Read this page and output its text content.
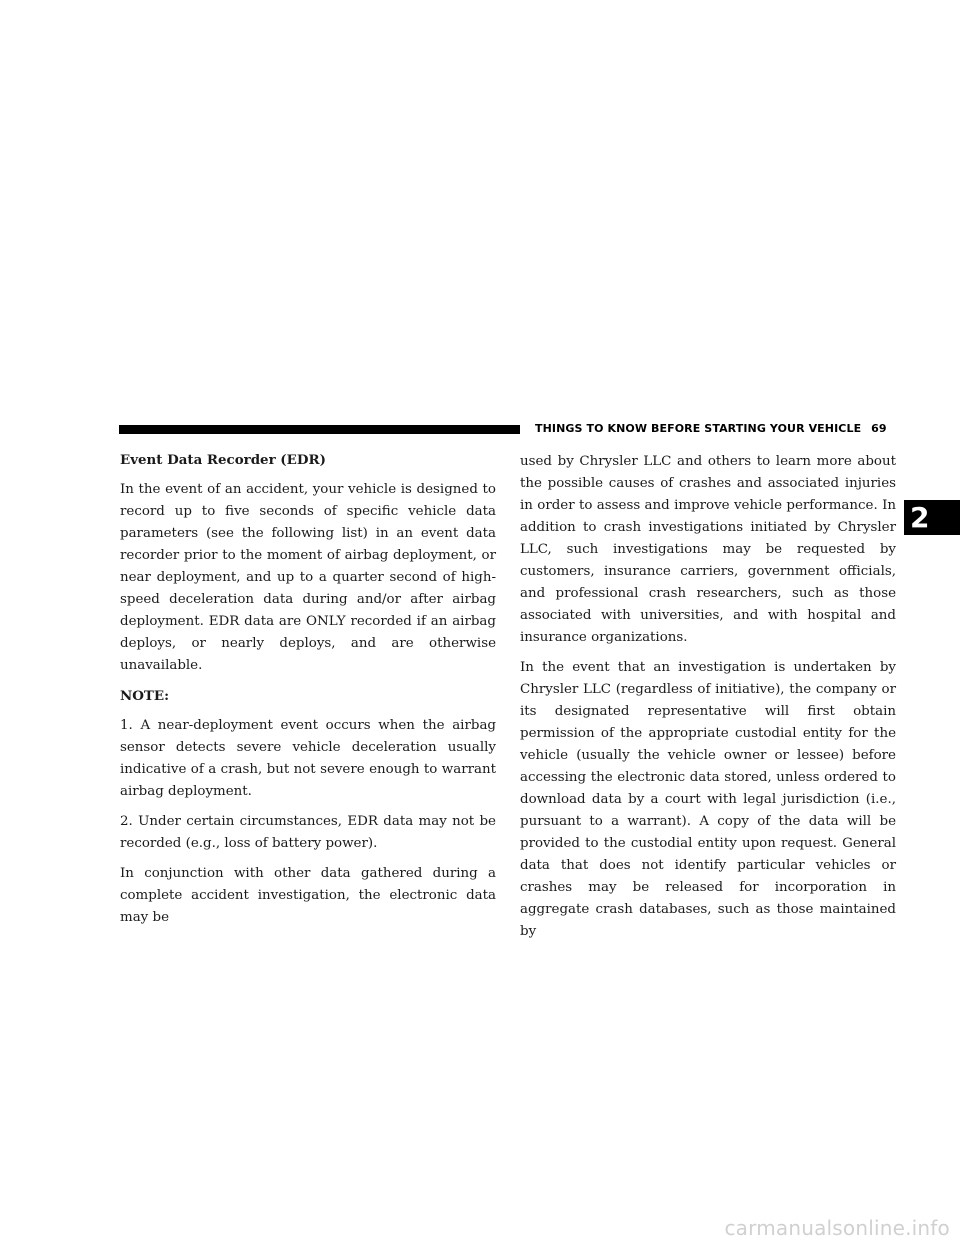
THINGS TO KNOW BEFORE STARTING YOUR VEHICLE 69
2

Event Data Recorder (EDR)

In the event of an accident, your vehicle is designed to record up to five seconds of specific vehicle data parameters (see the following list) in an event data recorder prior to the moment of airbag deployment, or near deployment, and up to a quarter second of high-speed deceleration data during and/or after airbag deployment. EDR data are ONLY recorded if an airbag deploys, or nearly deploys, and are otherwise unavailable.

NOTE:

1. A near-deployment event occurs when the airbag sensor detects severe vehicle deceleration usually indicative of a crash, but not severe enough to warrant airbag deployment.

2. Under certain circumstances, EDR data may not be recorded (e.g., loss of battery power).

In conjunction with other data gathered during a complete accident investigation, the electronic data may be

used by Chrysler LLC and others to learn more about the possible causes of crashes and associated injuries in order to assess and improve vehicle performance. In addition to crash investigations initiated by Chrysler LLC, such investigations may be requested by customers, insurance carriers, government officials, and professional crash researchers, such as those associated with universities, and with hospital and insurance organizations.

In the event that an investigation is undertaken by Chrysler LLC (regardless of initiative), the company or its designated representative will first obtain permission of the appropriate custodial entity for the vehicle (usually the vehicle owner or lessee) before accessing the electronic data stored, unless ordered to download data by a court with legal jurisdiction (i.e., pursuant to a warrant). A copy of the data will be provided to the custodial entity upon request. General data that does not identify particular vehicles or crashes may be released for incorporation in aggregate crash databases, such as those maintained by

carmanualsonline.info
